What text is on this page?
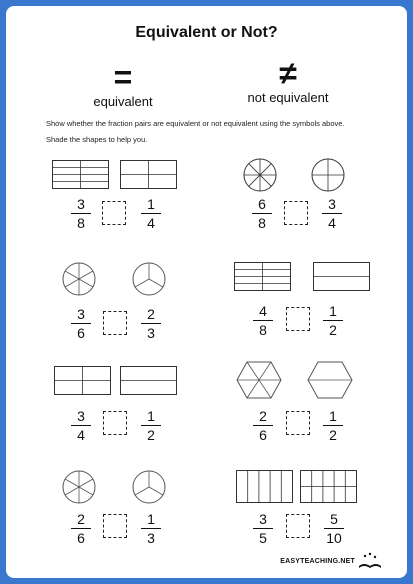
Equivalent or Not?
=
equivalent
≠
not equivalent
Show whether the fraction pairs are equivalent or not equivalent using the symbols above.
Shade the shapes to help you.
3
8
1
4
6
8
3
4
3
6
2
3
4
8
1
2
3
4
1
2
2
6
1
2
2
6
1
3
3
5
5
10
EASYTEACHING.NET
